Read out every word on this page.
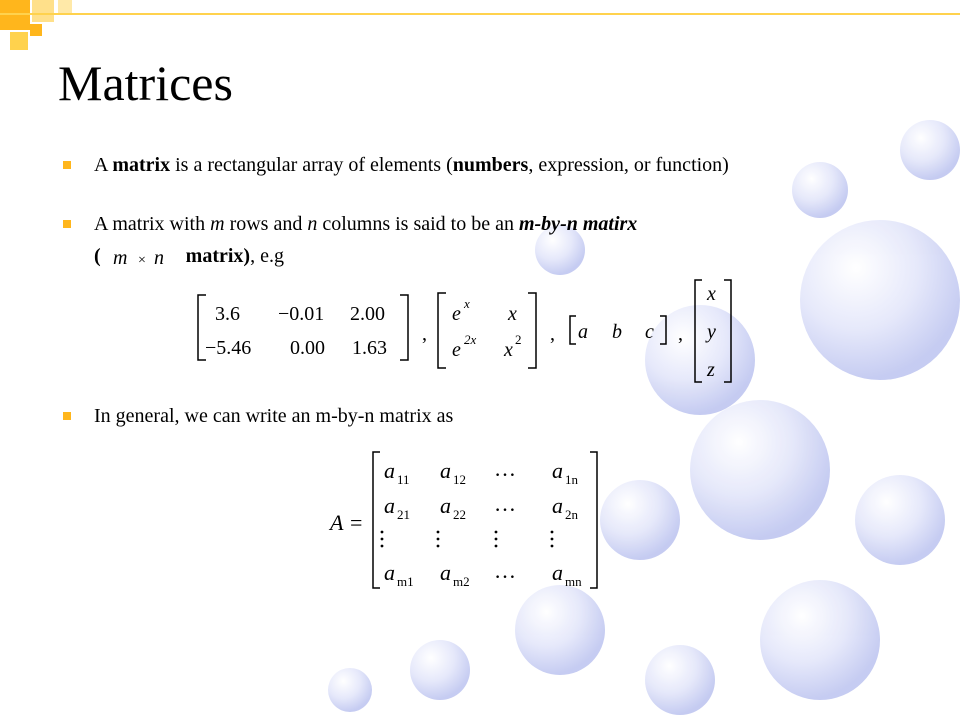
Matrices
A matrix is a rectangular array of elements (numbers, expression, or function)
A matrix with m rows and n columns is said to be an m-by-n matirx
(	matrix), e.g
In general, we can write an m-by-n matrix as
m × n
3.6 −0.01 2.00
−5.46 0.00 1.63
,
e x x
e 2x x 2 , a b c ,
x
y
z
A =
a 11 a 12 … a 1n
a 21 a 22 … a 2n
a m1 a m2 … a mn
